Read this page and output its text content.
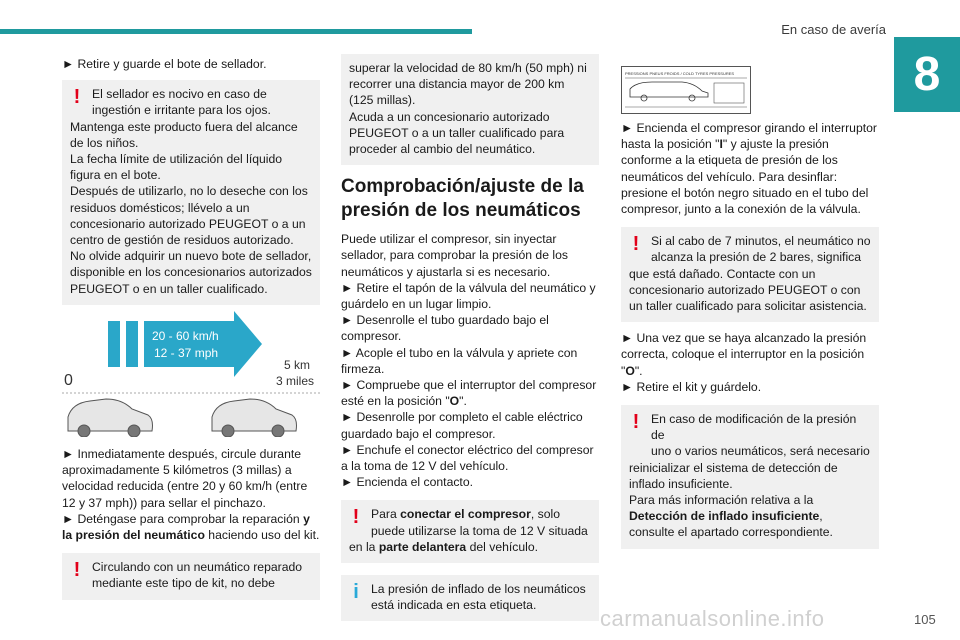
En caso de avería
8

► Retire y guarde el bote de sellador.

! El sellador es nocivo en caso de

ingestión e irritante para los ojos.

Mantenga este producto fuera del alcance de los niños.

La fecha límite de utilización del líquido figura en el bote.

Después de utilizarlo, no lo deseche con los residuos domésticos; llévelo a un concesionario autorizado PEUGEOT o a un centro de gestión de residuos autorizado.

No olvide adquirir un nuevo bote de sellador, disponible en los concesionarios autorizados PEUGEOT o en un taller cualificado.

20 - 60 km/h
12 - 37 mph
5 km
3 miles
0

► Inmediatamente después, circule durante aproximadamente 5 kilómetros (3 millas) a velocidad reducida (entre 20 y 60 km/h (entre 12 y 37 mph)) para sellar el pinchazo.

► Deténgase para comprobar la reparación y la presión del neumático haciendo uso del kit.

! Circulando con un neumático reparado

mediante este tipo de kit, no debe

superar la velocidad de 80 km/h (50 mph) ni recorrer una distancia mayor de 200 km (125 millas).

Acuda a un concesionario autorizado PEUGEOT o a un taller cualificado para proceder al cambio del neumático.

Comprobación/ajuste de la presión de los neumáticos

Puede utilizar el compresor, sin inyectar sellador, para comprobar la presión de los neumáticos y ajustarla si es necesario.

► Retire el tapón de la válvula del neumático y guárdelo en un lugar limpio.

► Desenrolle el tubo guardado bajo el compresor.

► Acople el tubo en la válvula y apriete con firmeza.

► Compruebe que el interruptor del compresor esté en la posición "O".

► Desenrolle por completo el cable eléctrico guardado bajo el compresor.

► Enchufe el conector eléctrico del compresor a la toma de 12 V del vehículo.

► Encienda el contacto.

! Para conectar el compresor, solo

puede utilizarse la toma de 12 V situada

en la parte delantera del vehículo.

i	La presión de inflado de los neumáticos

está indicada en esta etiqueta.

PRESSIONS PNEUS FROIDS / COLD TYRES PRESSURES

► Encienda el compresor girando el interruptor hasta la posición "I" y ajuste la presión conforme a la etiqueta de presión de los neumáticos del vehículo. Para desinflar: presione el botón negro situado en el tubo del compresor, junto a la conexión de la válvula.

! Si al cabo de 7 minutos, el neumático no

alcanza la presión de 2 bares, significa

que está dañado. Contacte con un concesionario autorizado PEUGEOT o con un taller cualificado para solicitar asistencia.

► Una vez que se haya alcanzado la presión correcta, coloque el interruptor en la posición "O".

► Retire el kit y guárdelo.

! En caso de modificación de la presión de

uno o varios neumáticos, será necesario

reinicializar el sistema de detección de inflado insuficiente.

Para más información relativa a la Detección de inflado insuficiente, consulte el apartado correspondiente.

carmanualsonline.info	105
